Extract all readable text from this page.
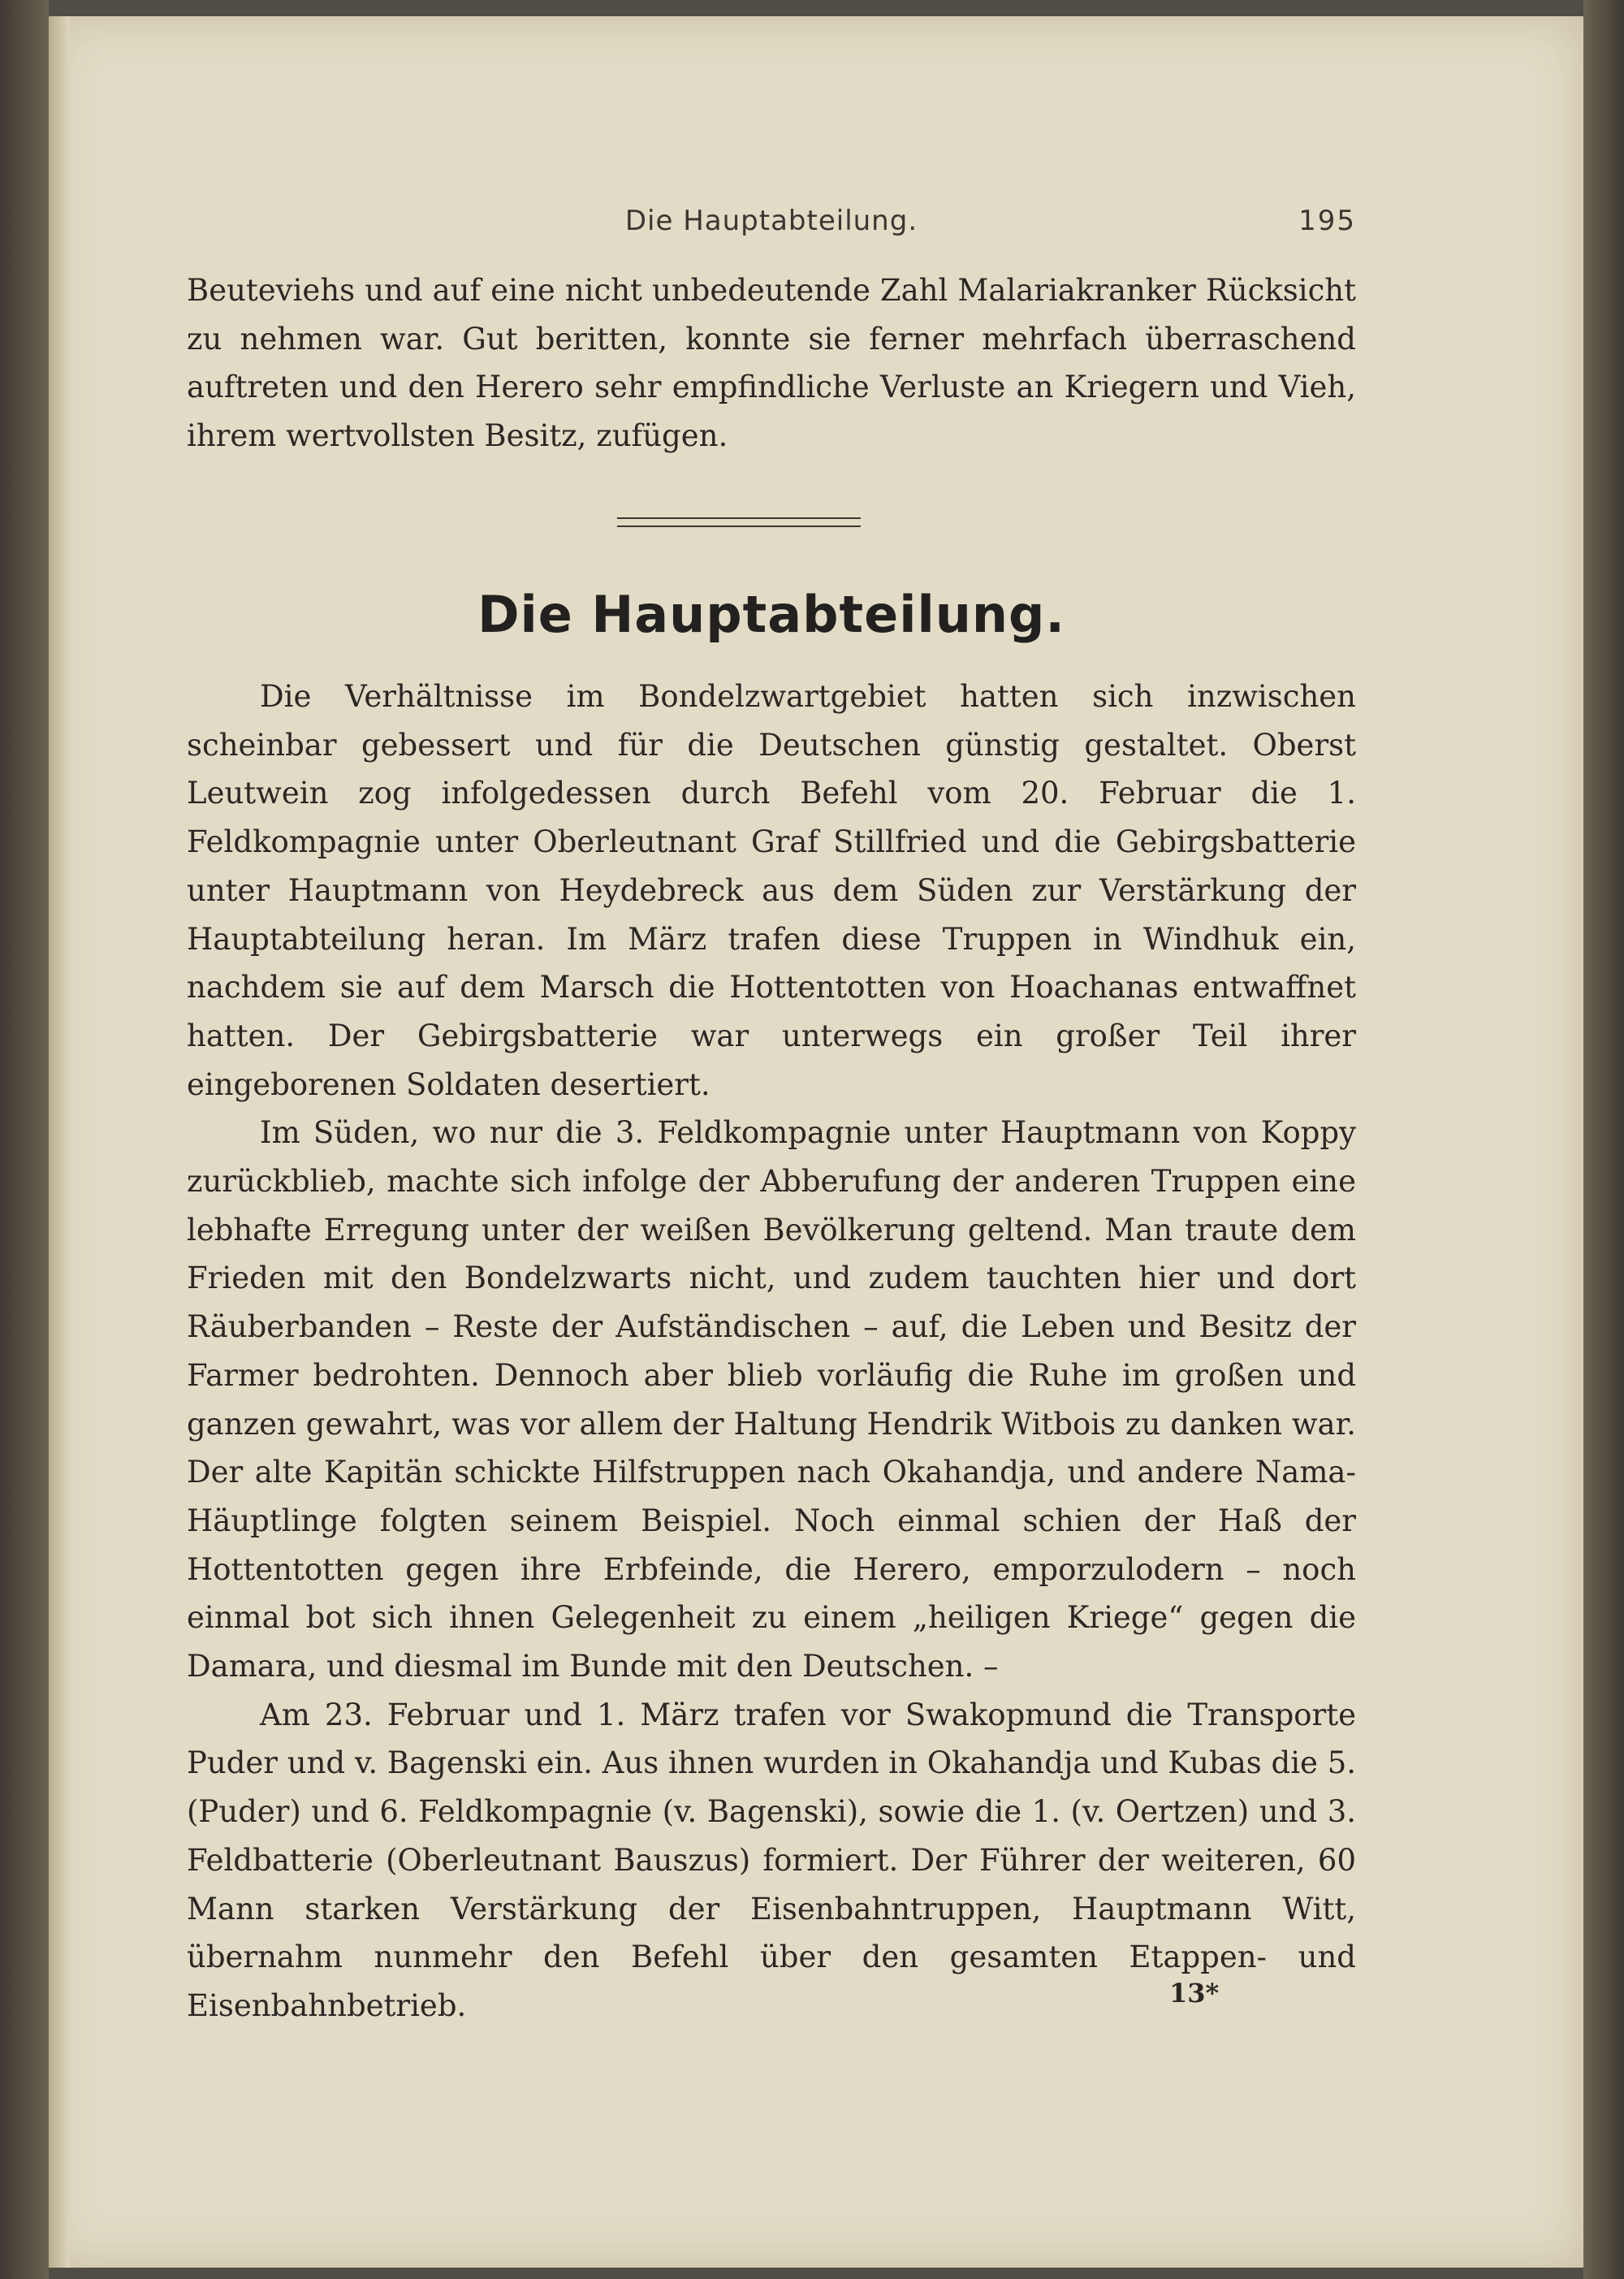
Die Hauptabteilung.	195

Beuteviehs und auf eine nicht unbedeutende Zahl Malariakranker Rücksicht zu nehmen war. Gut beritten, konnte sie ferner mehrfach überraschend auftreten und den Herero sehr empfindliche Verluste an Kriegern und Vieh, ihrem wertvollsten Besitz, zufügen.

Die Hauptabteilung.

Die Verhältnisse im Bondelzwartgebiet hatten sich inzwischen scheinbar gebessert und für die Deutschen günstig gestaltet. Oberst Leutwein zog infolgedessen durch Befehl vom 20. Februar die 1. Feldkompagnie unter Oberleutnant Graf Stillfried und die Gebirgsbatterie unter Hauptmann von Heydebreck aus dem Süden zur Verstärkung der Hauptabteilung heran. Im März trafen diese Truppen in Windhuk ein, nachdem sie auf dem Marsch die Hottentotten von Hoachanas entwaffnet hatten. Der Gebirgsbatterie war unterwegs ein großer Teil ihrer eingeborenen Soldaten desertiert.

Im Süden, wo nur die 3. Feldkompagnie unter Hauptmann von Koppy zurückblieb, machte sich infolge der Abberufung der anderen Truppen eine lebhafte Erregung unter der weißen Bevölkerung geltend. Man traute dem Frieden mit den Bondelzwarts nicht, und zudem tauchten hier und dort Räuberbanden – Reste der Aufständischen – auf, die Leben und Besitz der Farmer bedrohten. Dennoch aber blieb vorläufig die Ruhe im großen und ganzen gewahrt, was vor allem der Haltung Hendrik Witbois zu danken war. Der alte Kapitän schickte Hilfstruppen nach Okahandja, und andere Nama-Häuptlinge folgten seinem Beispiel. Noch einmal schien der Haß der Hottentotten gegen ihre Erbfeinde, die Herero, emporzulodern – noch einmal bot sich ihnen Gelegenheit zu einem „heiligen Kriege“ gegen die Damara, und diesmal im Bunde mit den Deutschen. –

Am 23. Februar und 1. März trafen vor Swakopmund die Transporte Puder und v. Bagenski ein. Aus ihnen wurden in Okahandja und Kubas die 5. (Puder) und 6. Feldkompagnie (v. Bagenski), sowie die 1. (v. Oertzen) und 3. Feldbatterie (Oberleutnant Bauszus) formiert. Der Führer der weiteren, 60 Mann starken Verstärkung der Eisenbahntruppen, Hauptmann Witt, übernahm nunmehr den Befehl über den gesamten Etappen- und Eisenbahnbetrieb.	13*
